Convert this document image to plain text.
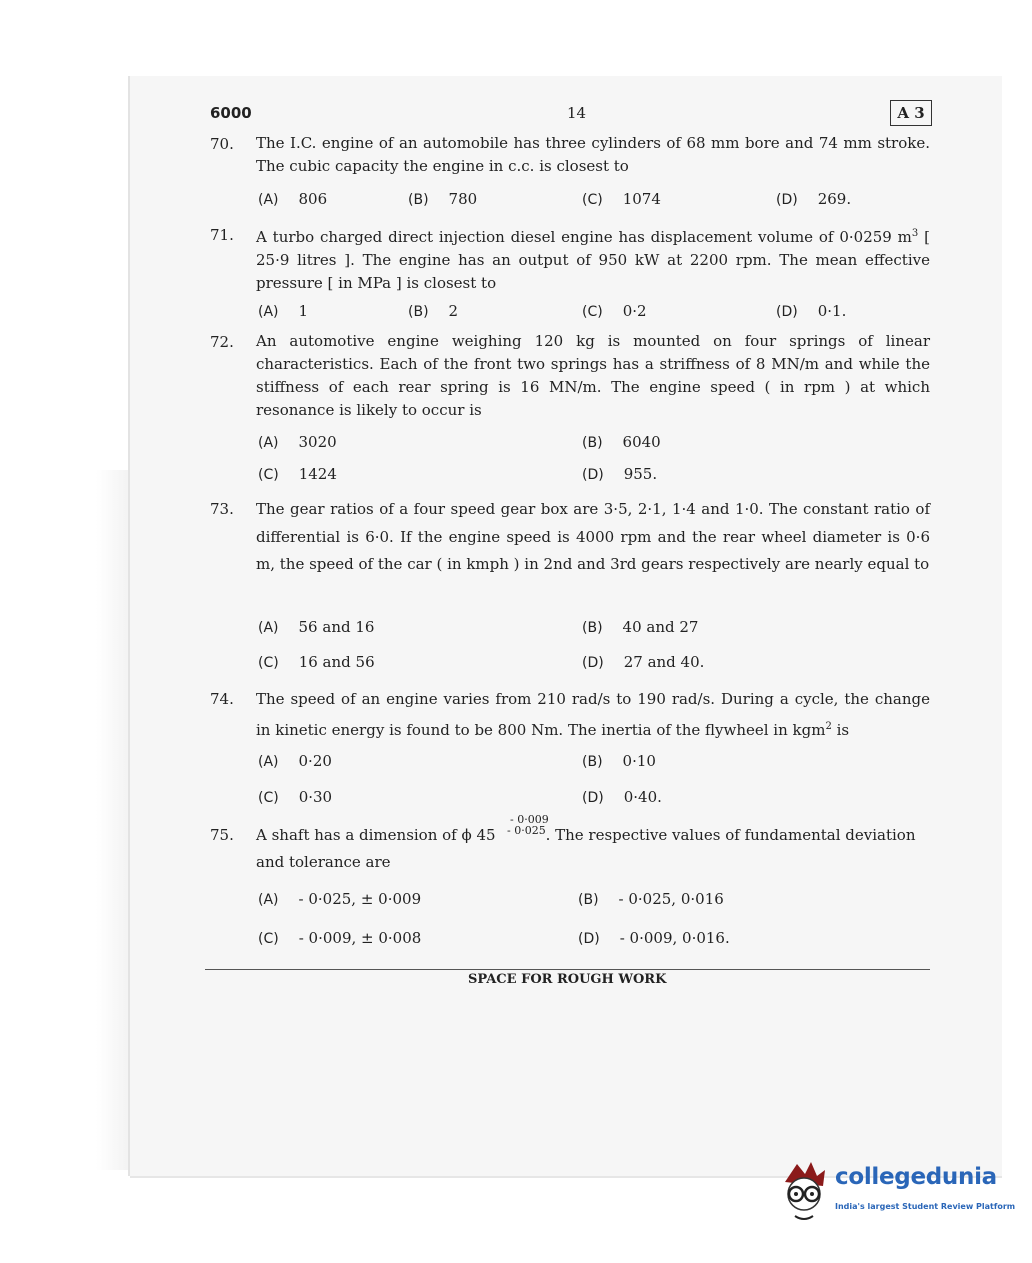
6000	14	A 3
70. The I.C. engine of an automobile has three cylinders of 68 mm bore and 74 mm stroke. The cubic capacity the engine in c.c. is closest to
(A) 806	(B) 780	(C) 1074	(D) 269.
71. A turbo charged direct injection diesel engine has displacement volume of 0·0259 $m^3$ [ 25·9 litres ]. The engine has an output of 950 kW at 2200 rpm. The mean effective pressure [ in MPa ] is closest to
(A) 1	(B) 2	(C) 0·2	(D) 0·1.
72. An automotive engine weighing 120 kg is mounted on four springs of linear characteristics. Each of the front two springs has a striffness of 8 MN/m and while the stiffness of each rear spring is 16 MN/m. The engine speed ( in rpm ) at which resonance is likely to occur is
(A) 3020	(B) 6040
(C) 1424	(D) 955.
73. The gear ratios of a four speed gear box are 3·5, 2·1, 1·4 and 1·0. The constant ratio of differential is 6·0. If the engine speed is 4000 rpm and the rear wheel diameter is 0·6 m, the speed of the car ( in kmph ) in 2nd and 3rd gears respectively are nearly equal to
(A) 56 and 16	(B) 40 and 27
(C) 16 and 56	(D) 27 and 40.
74. The speed of an engine varies from 210 rad/s to 190 rad/s. During a cycle, the change in kinetic energy is found to be 800 Nm. The inertia of the flywheel in kgm$^2$ is
(A) 0·20	(B) 0·10
(C) 0·30	(D) 0·40.
75. A shaft has a dimension of ϕ 45	. The respective values of fundamental deviation
- 0·009
- 0·025
and tolerance are
(A) - 0·025, ± 0·009	(B) - 0·025, 0·016
(C) - 0·009, ± 0·008	(D) - 0·009, 0·016.
SPACE FOR ROUGH WORK
collegedunia
India's largest Student Review Platform
